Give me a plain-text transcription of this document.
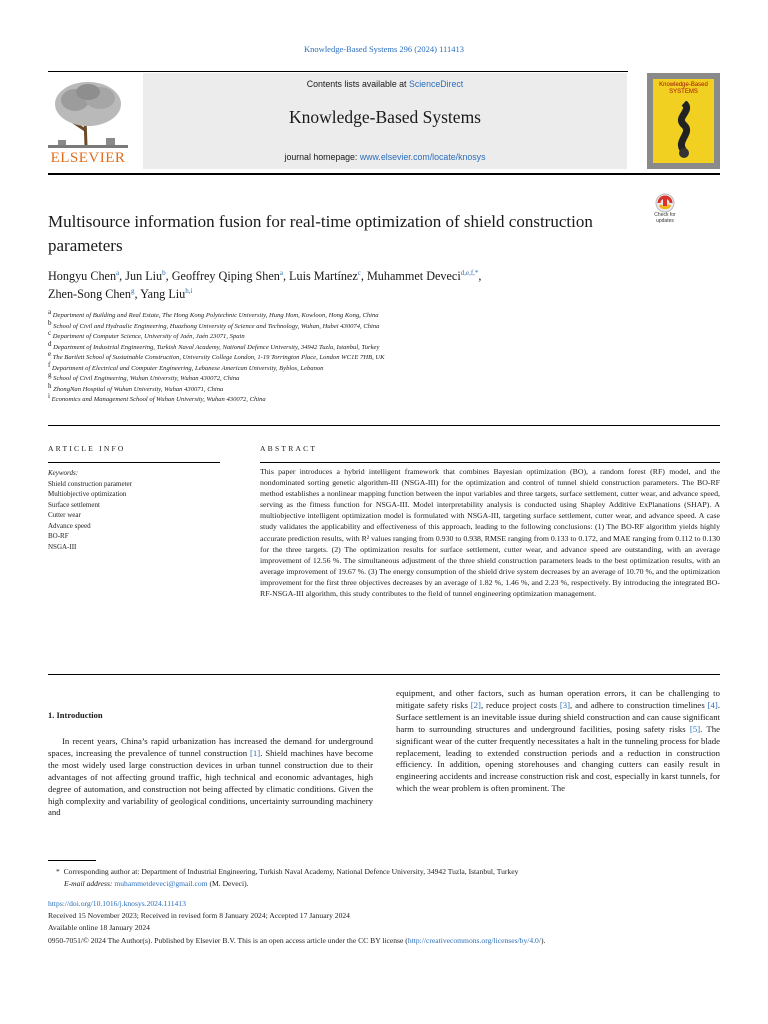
Knowledge-Based Systems 296 (2024) 111413
ELSEVIER
Contents lists available at ScienceDirect
Knowledge-Based Systems
journal homepage: www.elsevier.com/locate/knosys
Knowledge-Based SYSTEMS
Check for updates
Multisource information fusion for real-time optimization of shield construction parameters
Hongyu Chen$^a$, Jun Liu$^b$, Geoffrey Qiping Shen$^a$, Luis Martínez$^c$, Muhammet Deveci$^{d,e,f,*}$,
Zhen-Song Chen$^g$, Yang Liu$^{h,i}$
$^a$ Department of Building and Real Estate, The Hong Kong Polytechnic University, Hung Hom, Kowloon, Hong Kong, China
$^b$ School of Civil and Hydraulic Engineering, Huazhong University of Science and Technology, Wuhan, Hubei 430074, China
$^c$ Department of Computer Science, University of Jaén, Jaén 23071, Spain
$^d$ Department of Industrial Engineering, Turkish Naval Academy, National Defence University, 34942 Tuzla, Istanbul, Turkey
$^e$ The Bartlett School of Sustainable Construction, University College London, 1-19 Torrington Place, London WC1E 7HB, UK
$^f$ Department of Electrical and Computer Engineering, Lebanese American University, Byblos, Lebanon
$^g$ School of Civil Engineering, Wuhan University, Wuhan 430072, China
$^h$ ZhongNan Hospital of Wuhan University, Wuhan 430071, China
$^i$ Economics and Management School of Wuhan University, Wuhan 430072, China
ARTICLE INFO
Keywords:
Shield construction parameter
Multiobjective optimization
Surface settlement
Cutter wear
Advance speed
BO-RF
NSGA-III
ABSTRACT
This paper introduces a hybrid intelligent framework that combines Bayesian optimization (BO), a random forest (RF) model, and the nondominated sorting genetic algorithm-III (NSGA-III) for the optimization and control of tunnel shield construction parameters. The BO-RF method establishes a nonlinear mapping function between the input variables and three targets, surface settlement, cutter wear, and advance speed, serving as the fitness function for NSGA-III. Model interpretability analysis is conducted using Shapley Additive ExPlanations (SHAP). A multiobjective intelligent optimization model is formulated with NSGA-III, targeting surface settlement, cutter wear, and advance speed. A case study validates the applicability and effectiveness of this approach, leading to the following conclusions: (1) The BO-RF algorithm yields highly accurate prediction results, with R² values ranging from 0.930 to 0.938, RMSE ranging from 0.133 to 0.172, and MAE ranging from 0.112 to 0.130 for the three targets. (2) The optimization results for surface settlement, cutter wear, and advance speed are outstanding, with an average improvement of 12.56 %. The simultaneous adjustment of the three shield construction parameters leads to the best optimization results, with an average improvement of 19.67 %. (3) The energy consumption of the shield drive system decreases by an average of 10.70 %, and the optimization improvement for the first three objectives decreases by an average of 1.82 %, 1.46 %, and 2.23 %, respectively. By introducing the integrated BO-RF-NSGA-III algorithm, this study contributes to the field of tunnel engineering optimization management.
1. Introduction
In recent years, China’s rapid urbanization has increased the demand for underground spaces, increasing the prevalence of tunnel construction [1]. Shield machines have become the most widely used large construction devices in urban tunnel construction due to their advantages of not affecting ground traffic, high technical and economic advantages, high degree of automation, and construction not being affected by climatic conditions. Given the high complexity and variability of geological conditions, uncertainty surrounding machinery and
equipment, and other factors, such as human operation errors, it can be challenging to mitigate safety risks [2], reduce project costs [3], and adhere to construction timelines [4]. Surface settlement is an inevitable issue during shield construction and can cause significant harm to surrounding structures and underground facilities, posing safety risks [5]. The significant wear of the cutter frequently necessitates a halt in the tunneling process for blade replacement, leading to extended construction periods and a reduction in construction efficiency. In addition, opening storehouses and changing cutters can easily result in engineering accidents and increase construction risk and cost, especially in karst tunnels, for which the wear problem is often prominent. The
* Corresponding author at: Department of Industrial Engineering, Turkish Naval Academy, National Defence University, 34942 Tuzla, Istanbul, Turkey
E-mail address: muhammetdeveci@gmail.com (M. Deveci).
https://doi.org/10.1016/j.knosys.2024.111413
Received 15 November 2023; Received in revised form 8 January 2024; Accepted 17 January 2024
Available online 18 January 2024
0950-7051/© 2024 The Author(s). Published by Elsevier B.V. This is an open access article under the CC BY license (http://creativecommons.org/licenses/by/4.0/).
